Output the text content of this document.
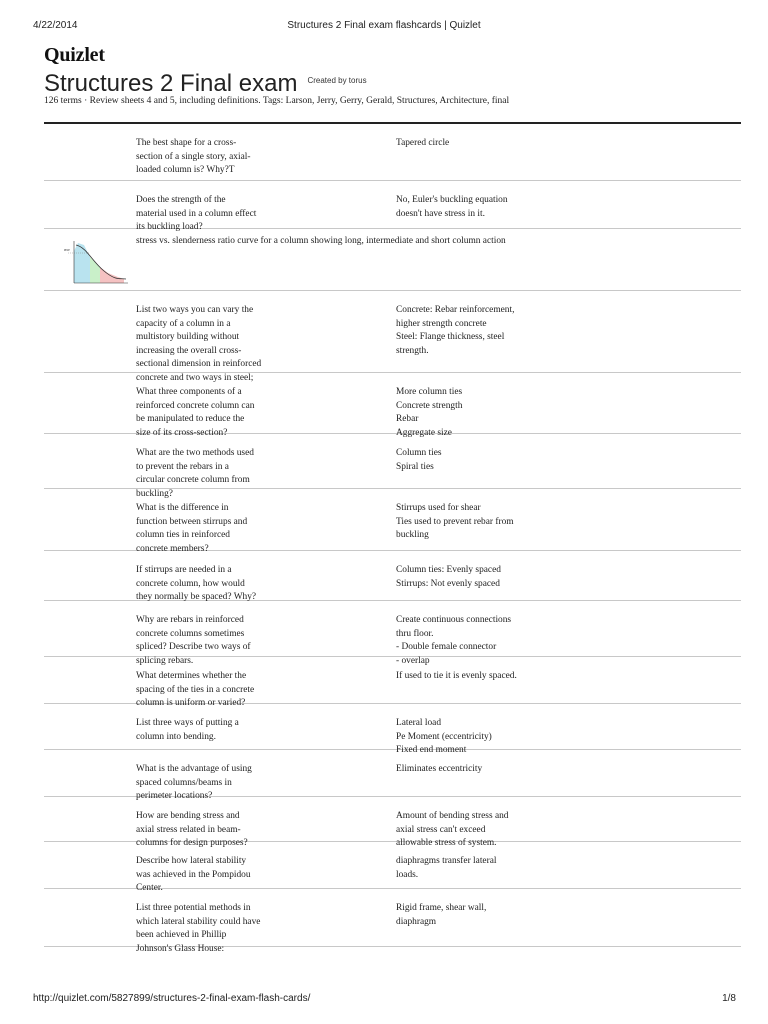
4/22/2014	Structures 2 Final exam flashcards | Quizlet
Quizlet
Structures 2 Final exam $^{Created by torus}$
126 terms · Review sheets 4 and 5, including definitions. Tags: Larson, Jerry, Gerry, Gerald, Structures, Architecture, final
The best shape for a cross-
section of a single story, axial-
loaded column is? Why?T
Tapered circle
Does the strength of the
material used in a column effect
its buckling load?
No, Euler's buckling equation
doesn't have stress in it.
σcr
stress vs. slenderness ratio curve for a column showing long, intermediate and short column action
List two ways you can vary the
capacity of a column in a
multistory building without
increasing the overall cross-
sectional dimension in reinforced
concrete and two ways in steel;
Concrete: Rebar reinforcement,
higher strength concrete
Steel: Flange thickness, steel
strength.
What three components of a
reinforced concrete column can
be manipulated to reduce the
size of its cross-section?
More column ties
Concrete strength
Rebar
Aggregate size
What are the two methods used
to prevent the rebars in a
circular concrete column from
buckling?
Column ties
Spiral ties
What is the difference in
function between stirrups and
column ties in reinforced
concrete members?
Stirrups used for shear
Ties used to prevent rebar from
buckling
If stirrups are needed in a
concrete column, how would
they normally be spaced? Why?
Column ties: Evenly spaced
Stirrups: Not evenly spaced
Why are rebars in reinforced
concrete columns sometimes
spliced? Describe two ways of
splicing rebars.
Create continuous connections
thru floor.
- Double female connector
- overlap
What determines whether the
spacing of the ties in a concrete
column is uniform or varied?
If used to tie it is evenly spaced.
List three ways of putting a
column into bending.
Lateral load
Pe Moment (eccentricity)
Fixed end moment
What is the advantage of using
spaced columns/beams in
perimeter locations?
Eliminates eccentricity
How are bending stress and
axial stress related in beam-
columns for design purposes?
Amount of bending stress and
axial stress can't exceed
allowable stress of system.
Describe how lateral stability
was achieved in the Pompidou
Center.
diaphragms transfer lateral
loads.
List three potential methods in
which lateral stability could have
been achieved in Phillip
Johnson's Glass House:
Rigid frame, shear wall,
diaphragm
http://quizlet.com/5827899/structures-2-final-exam-flash-cards/	1/8
